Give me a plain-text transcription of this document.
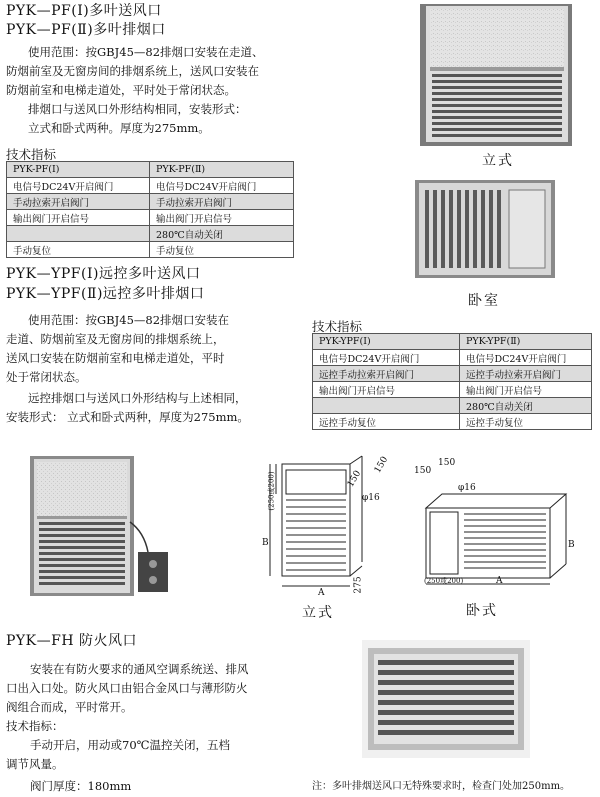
PYK—PF(Ⅰ)多叶送风口
PYK—PF(Ⅱ)多叶排烟口
使用范围：按GBJ45—82排烟口安装在走道、
防烟前室及无窗房间的排烟系统上，送风口安装在
防烟前室和电梯走道处，平时处于常闭状态。
排烟口与送风口外形结构相同，安装形式：
立式和卧式两种。厚度为275mm。
技术指标
PYK-PF(Ⅰ)	PYK-PF(Ⅱ)
电信号DC24V开启阀门	电信号DC24V开启阀门
手动拉索开启阀门	手动拉索开启阀门
输出阀门开启信号	输出阀门开启信号
	280℃自动关闭
手动复位	手动复位
立式
卧室
PYK—YPF(Ⅰ)远控多叶送风口
PYK—YPF(Ⅱ)远控多叶排烟口
使用范围：按GBJ45—82排烟口安装在
走道、防烟前室及无窗房间的排烟系统上，
送风口安装在防烟前室和电梯走道处，平时
处于常闭状态。
远控排烟口与送风口外形结构与上述相同，
安装形式： 立式和卧式两种，厚度为275mm。
技术指标
PYK-YPF(Ⅰ)	PYK-YPF(Ⅱ)
电信号DC24V开启阀门	电信号DC24V开启阀门
远控手动拉索开启阀门	远控手动拉索开启阀门
输出阀门开启信号	输出阀门开启信号
	280℃自动关闭
远控手动复位	远控手动复位
150
150
φ16
B
A	275
(250或200)
立式
150
150
φ16
B
A
(250或200)
卧式
PYK—FH 防火风口
安装在有防火要求的通风空调系统送、排风
口出入口处。防火风口由铝合金风口与薄形防火
阀组合而成，平时常开。
技术指标：
手动开启，用动或70℃温控关闭，五档
调节风量。
阀门厚度：180mm	注：多叶排烟送风口无特殊要求时，检查门处加250mm。
